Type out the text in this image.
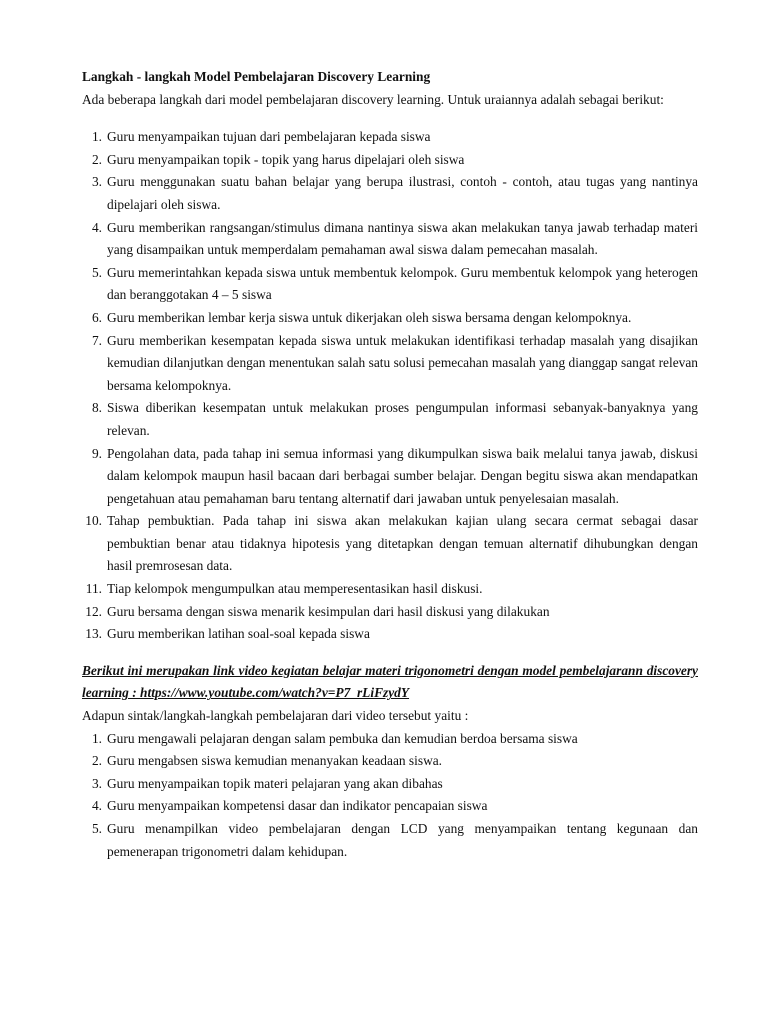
Langkah - langkah Model Pembelajaran Discovery Learning

Ada beberapa langkah dari model pembelajaran discovery learning. Untuk uraiannya adalah sebagai berikut:

1. Guru menyampaikan tujuan dari pembelajaran kepada siswa
2. Guru menyampaikan topik - topik yang harus dipelajari oleh siswa
3. Guru menggunakan suatu bahan belajar yang berupa ilustrasi, contoh - contoh, atau tugas yang nantinya dipelajari oleh siswa.
4. Guru memberikan rangsangan/stimulus dimana nantinya siswa akan melakukan tanya jawab terhadap materi yang disampaikan untuk memperdalam pemahaman awal siswa dalam pemecahan masalah.
5. Guru memerintahkan kepada siswa untuk membentuk kelompok. Guru membentuk kelompok yang heterogen dan beranggotakan 4 – 5 siswa
6. Guru memberikan lembar kerja siswa untuk dikerjakan oleh siswa bersama dengan kelompoknya.
7. Guru memberikan kesempatan kepada siswa untuk melakukan identifikasi terhadap masalah yang disajikan kemudian dilanjutkan dengan menentukan salah satu solusi pemecahan masalah yang dianggap sangat relevan bersama kelompoknya.
8. Siswa diberikan kesempatan untuk melakukan proses pengumpulan informasi sebanyak-banyaknya yang relevan.
9. Pengolahan data, pada tahap ini semua informasi yang dikumpulkan siswa baik melalui tanya jawab, diskusi dalam kelompok maupun hasil bacaan dari berbagai sumber belajar. Dengan begitu siswa akan mendapatkan pengetahuan atau pemahaman baru tentang alternatif dari jawaban untuk penyelesaian masalah.
10. Tahap pembuktian. Pada tahap ini siswa akan melakukan kajian ulang secara cermat sebagai dasar pembuktian benar atau tidaknya hipotesis yang ditetapkan dengan temuan alternatif dihubungkan dengan hasil premrosesan data.
11. Tiap kelompok mengumpulkan atau memperesentasikan hasil diskusi.
12. Guru bersama dengan siswa menarik kesimpulan dari hasil diskusi yang dilakukan
13. Guru memberikan latihan soal-soal kepada siswa

Berikut ini merupakan link video kegiatan belajar materi trigonometri dengan model pembelajarann discovery learning : https://www.youtube.com/watch?v=P7_rLiFzydY

Adapun sintak/langkah-langkah pembelajaran dari video tersebut yaitu :

1. Guru mengawali pelajaran dengan salam pembuka dan kemudian berdoa bersama siswa
2. Guru mengabsen siswa kemudian menanyakan keadaan siswa.
3. Guru menyampaikan topik materi pelajaran yang akan dibahas
4. Guru menyampaikan kompetensi dasar dan indikator pencapaian siswa
5. Guru menampilkan video pembelajaran dengan LCD yang menyampaikan tentang kegunaan dan pemenerapan trigonometri dalam kehidupan.
